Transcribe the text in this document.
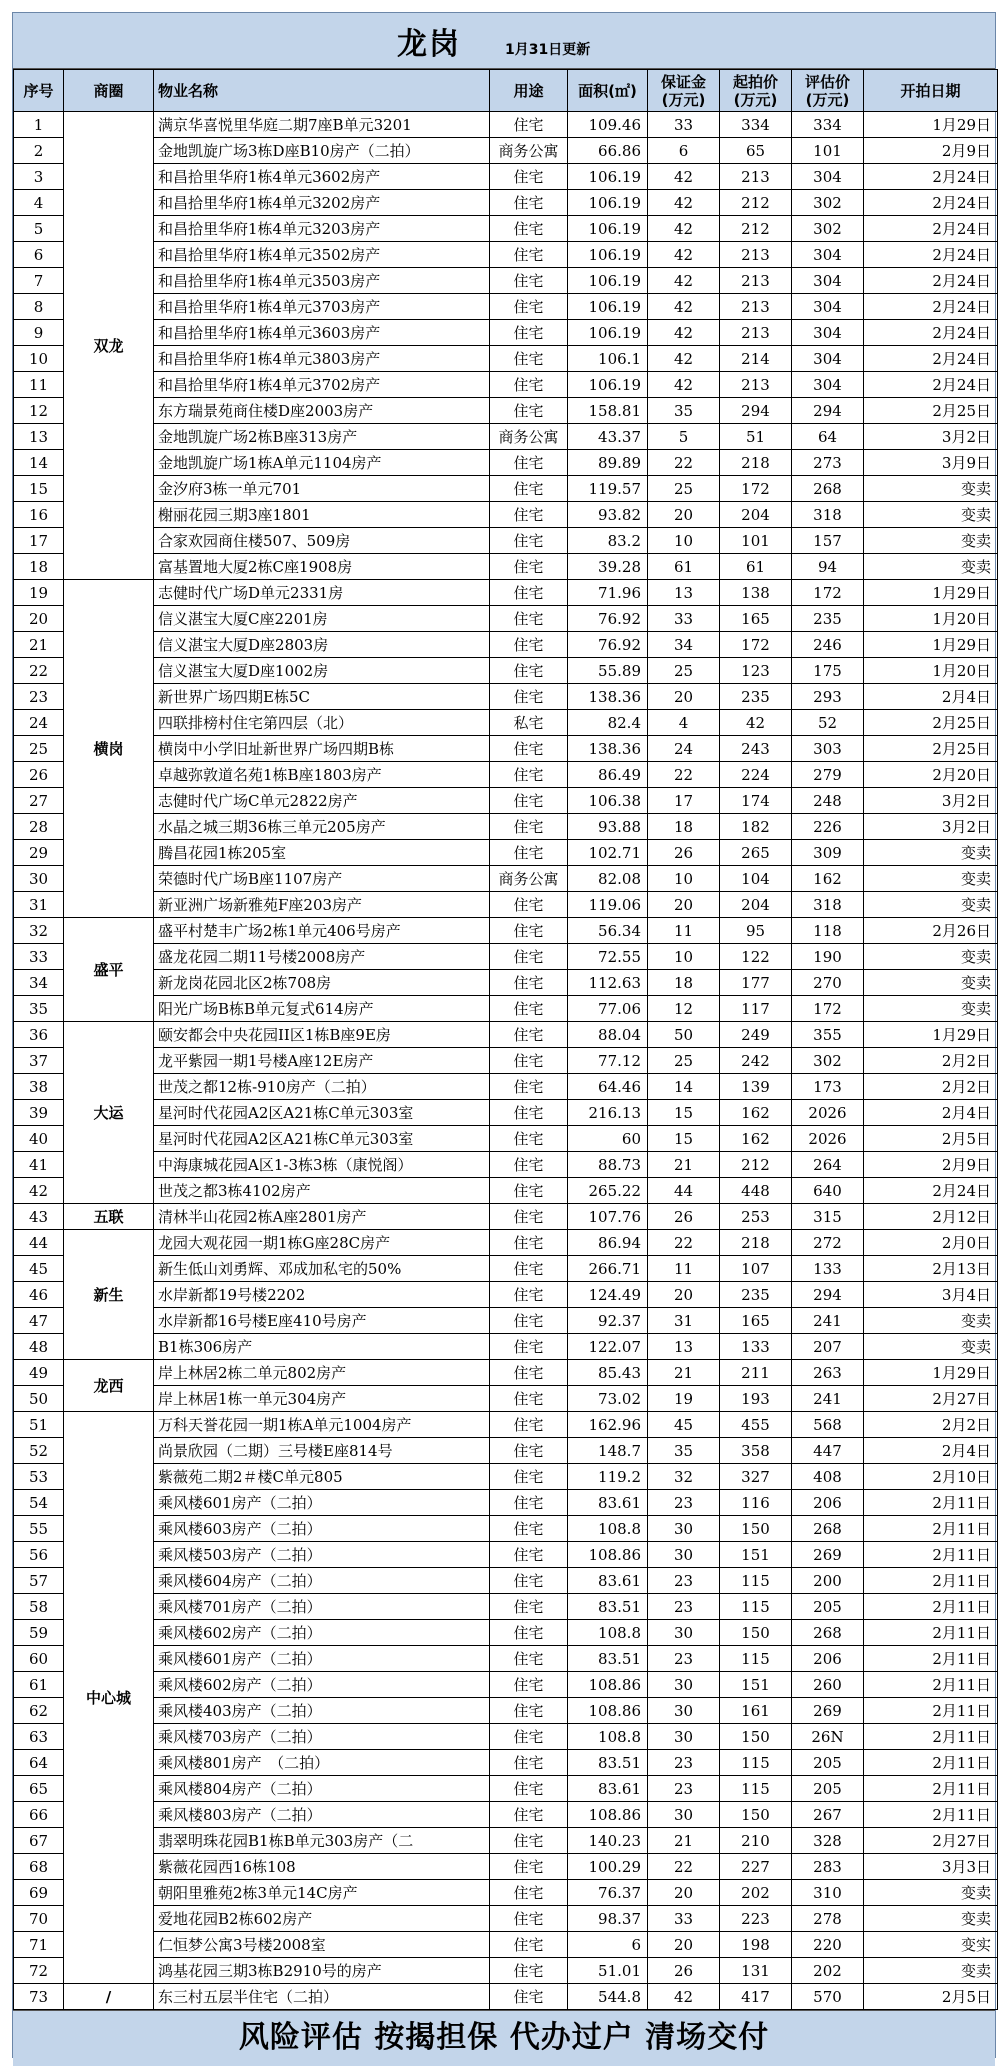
龙岗	1月31日更新
序号	商圈	物业名称	用途	面积(㎡)	保证金(万元)	起拍价(万元)	评估价(万元)	开拍日期
1	双龙	满京华喜悦里华庭二期7座B单元3201	住宅	109.46	33	334	334	1月29日
2		金地凯旋广场3栋D座B10房产（二拍）	商务公寓	66.86	6	65	101	2月9日
3		和昌拾里华府1栋4单元3602房产	住宅	106.19	42	213	304	2月24日
4		和昌拾里华府1栋4单元3202房产	住宅	106.19	42	212	302	2月24日
5		和昌拾里华府1栋4单元3203房产	住宅	106.19	42	212	302	2月24日
6		和昌拾里华府1栋4单元3502房产	住宅	106.19	42	213	304	2月24日
7		和昌拾里华府1栋4单元3503房产	住宅	106.19	42	213	304	2月24日
8		和昌拾里华府1栋4单元3703房产	住宅	106.19	42	213	304	2月24日
9		和昌拾里华府1栋4单元3603房产	住宅	106.19	42	213	304	2月24日
10		和昌拾里华府1栋4单元3803房产	住宅	106.1	42	214	304	2月24日
11		和昌拾里华府1栋4单元3702房产	住宅	106.19	42	213	304	2月24日
12		东方瑞景苑商住楼D座2003房产	住宅	158.81	35	294	294	2月25日
13		金地凯旋广场2栋B座313房产	商务公寓	43.37	5	51	64	3月2日
14		金地凯旋广场1栋A单元1104房产	住宅	89.89	22	218	273	3月9日
15		金汐府3栋一单元701	住宅	119.57	25	172	268	变卖
16		榭丽花园三期3座1801	住宅	93.82	20	204	318	变卖
17		合家欢园商住楼507、509房	住宅	83.2	10	101	157	变卖
18		富基置地大厦2栋C座1908房	住宅	39.28	61	61	94	变卖
19	横岗	志健时代广场D单元2331房	住宅	71.96	13	138	172	1月29日
20		信义湛宝大厦C座2201房	住宅	76.92	33	165	235	1月20日
21		信义湛宝大厦D座2803房	住宅	76.92	34	172	246	1月29日
22		信义湛宝大厦D座1002房	住宅	55.89	25	123	175	1月20日
23		新世界广场四期E栋5C	住宅	138.36	20	235	293	2月4日
24		四联排榜村住宅第四层（北）	私宅	82.4	4	42	52	2月25日
25		横岗中小学旧址新世界广场四期B栋	住宅	138.36	24	243	303	2月25日
26		卓越弥敦道名苑1栋B座1803房产	住宅	86.49	22	224	279	2月20日
27		志健时代广场C单元2822房产	住宅	106.38	17	174	248	3月2日
28		水晶之城三期36栋三单元205房产	住宅	93.88	18	182	226	3月2日
29		腾昌花园1栋205室	住宅	102.71	26	265	309	变卖
30		荣德时代广场B座1107房产	商务公寓	82.08	10	104	162	变卖
31		新亚洲广场新雅苑F座203房产	住宅	119.06	20	204	318	变卖
32	盛平	盛平村楚丰广场2栋1单元406号房产	住宅	56.34	11	95	118	2月26日
33		盛龙花园二期11号楼2008房产	住宅	72.55	10	122	190	变卖
34		新龙岗花园北区2栋708房	住宅	112.63	18	177	270	变卖
35		阳光广场B栋B单元复式614房产	住宅	77.06	12	117	172	变卖
36	大运	颐安都会中央花园II区1栋B座9E房	住宅	88.04	50	249	355	1月29日
37		龙平紫园一期1号楼A座12E房产	住宅	77.12	25	242	302	2月2日
38		世茂之都12栋-910房产（二拍）	住宅	64.46	14	139	173	2月2日
39		星河时代花园A2区A21栋C单元303室	住宅	216.13	15	162	2026	2月4日
40		星河时代花园A2区A21栋C单元303室	住宅	60	15	162	2026	2月5日
41		中海康城花园A区1-3栋3栋（康悦阁）	住宅	88.73	21	212	264	2月9日
42		世茂之都3栋4102房产	住宅	265.22	44	448	640	2月24日
43	五联	清林半山花园2栋A座2801房产	住宅	107.76	26	253	315	2月12日
44	新生	龙园大观花园一期1栋G座28C房产	住宅	86.94	22	218	272	2月0日
45		新生低山刘勇辉、邓成加私宅的50%	住宅	266.71	11	107	133	2月13日
46		水岸新都19号楼2202	住宅	124.49	20	235	294	3月4日
47		水岸新都16号楼E座410号房产	住宅	92.37	31	165	241	变卖
48		B1栋306房产	住宅	122.07	13	133	207	变卖
49	龙西	岸上林居2栋二单元802房产	住宅	85.43	21	211	263	1月29日
50		岸上林居1栋一单元304房产	住宅	73.02	19	193	241	2月27日
51	中心城	万科天誉花园一期1栋A单元1004房产	住宅	162.96	45	455	568	2月2日
52		尚景欣园（二期）三号楼E座814号	住宅	148.7	35	358	447	2月4日
53		紫薇苑二期2＃楼C单元805	住宅	119.2	32	327	408	2月10日
54		乘风楼601房产（二拍）	住宅	83.61	23	116	206	2月11日
55		乘风楼603房产（二拍）	住宅	108.8	30	150	268	2月11日
56		乘风楼503房产（二拍）	住宅	108.86	30	151	269	2月11日
57		乘风楼604房产（二拍）	住宅	83.61	23	115	200	2月11日
58		乘风楼701房产（二拍）	住宅	83.51	23	115	205	2月11日
59		乘风楼602房产（二拍）	住宅	108.8	30	150	268	2月11日
60		乘风楼601房产（二拍）	住宅	83.51	23	115	206	2月11日
61		乘风楼602房产（二拍）	住宅	108.86	30	151	260	2月11日
62		乘风楼403房产（二拍）	住宅	108.86	30	161	269	2月11日
63		乘风楼703房产（二拍）	住宅	108.8	30	150	26N	2月11日
64		乘风楼801房产　（二拍）	住宅	83.51	23	115	205	2月11日
65		乘风楼804房产（二拍）	住宅	83.61	23	115	205	2月11日
66		乘风楼803房产（二拍）	住宅	108.86	30	150	267	2月11日
67		翡翠明珠花园B1栋B单元303房产（二	住宅	140.23	21	210	328	2月27日
68		紫薇花园西16栋108	住宅	100.29	22	227	283	3月3日
69		朝阳里雅苑2栋3单元14C房产	住宅	76.37	20	202	310	变卖
70		爱地花园B2栋602房产	住宅	98.37	33	223	278	变卖
71		仁恒梦公寓3号楼2008室	住宅	6	20	198	220	变实
72		鸿基花园三期3栋B2910号的房产	住宅	51.01	26	131	202	变卖
73	/	东三村五层半住宅（二拍）	住宅	544.8	42	417	570	2月5日
风险评估 按揭担保 代办过户 清场交付
